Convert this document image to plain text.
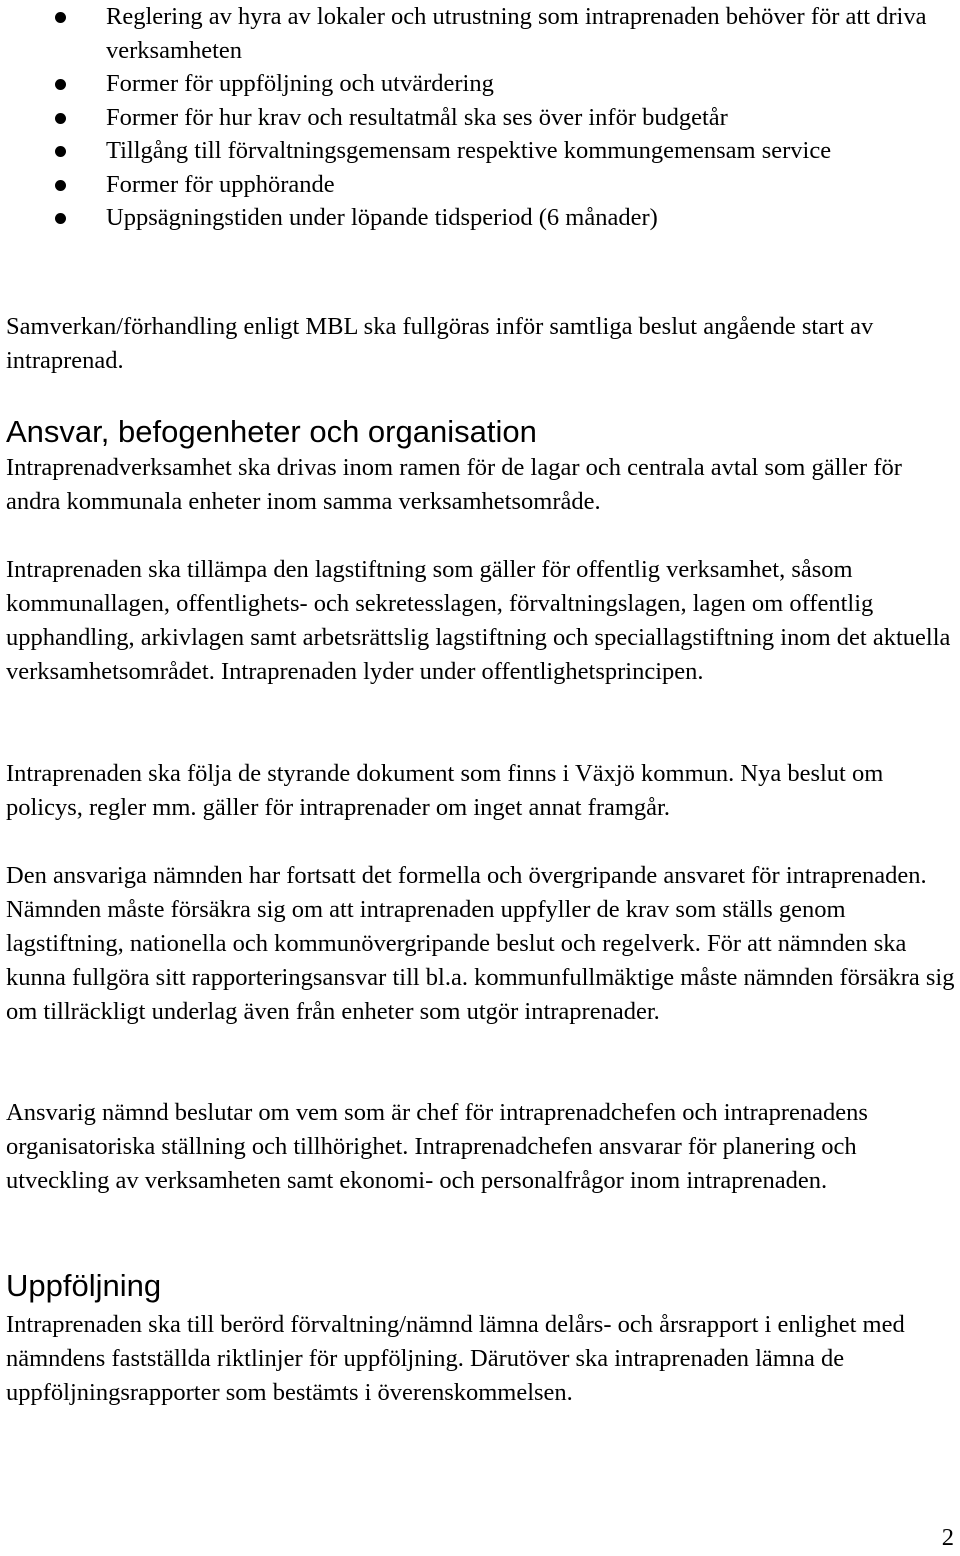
Reglering av hyra av lokaler och utrustning som intraprenaden behöver för att driva verksamheten
Former för uppföljning och utvärdering
Former för hur krav och resultatmål ska ses över inför budgetår
Tillgång till förvaltningsgemensam respektive kommungemensam service
Former för upphörande
Uppsägningstiden under löpande tidsperiod (6 månader)

Samverkan/förhandling enligt MBL ska fullgöras inför samtliga beslut angående start av intraprenad.

Ansvar, befogenheter och organisation

Intraprenadverksamhet ska drivas inom ramen för de lagar och centrala avtal som gäller för andra kommunala enheter inom samma verksamhetsområde.

Intraprenaden ska tillämpa den lagstiftning som gäller för offentlig verksamhet, såsom kommunallagen, offentlighets- och sekretesslagen, förvaltningslagen, lagen om offentlig upphandling, arkivlagen samt arbetsrättslig lagstiftning och speciallagstiftning inom det aktuella verksamhetsområdet. Intraprenaden lyder under offentlighetsprincipen.

Intraprenaden ska följa de styrande dokument som finns i Växjö kommun. Nya beslut om policys, regler mm. gäller för intraprenader om inget annat framgår.

Den ansvariga nämnden har fortsatt det formella och övergripande ansvaret för intraprenaden. Nämnden måste försäkra sig om att intraprenaden uppfyller de krav som ställs genom lagstiftning, nationella och kommunövergripande beslut och regelverk. För att nämnden ska kunna fullgöra sitt rapporteringsansvar till bl.a. kommunfullmäktige måste nämnden försäkra sig om tillräckligt underlag även från enheter som utgör intraprenader.

Ansvarig nämnd beslutar om vem som är chef för intraprenadchefen och intraprenadens organisatoriska ställning och tillhörighet. Intraprenadchefen ansvarar för planering och utveckling av verksamheten samt ekonomi- och personalfrågor inom intraprenaden.

Uppföljning

Intraprenaden ska till berörd förvaltning/nämnd lämna delårs- och årsrapport i enlighet med nämndens fastställda riktlinjer för uppföljning. Därutöver ska intraprenaden lämna de uppföljningsrapporter som bestämts i överenskommelsen.

2
